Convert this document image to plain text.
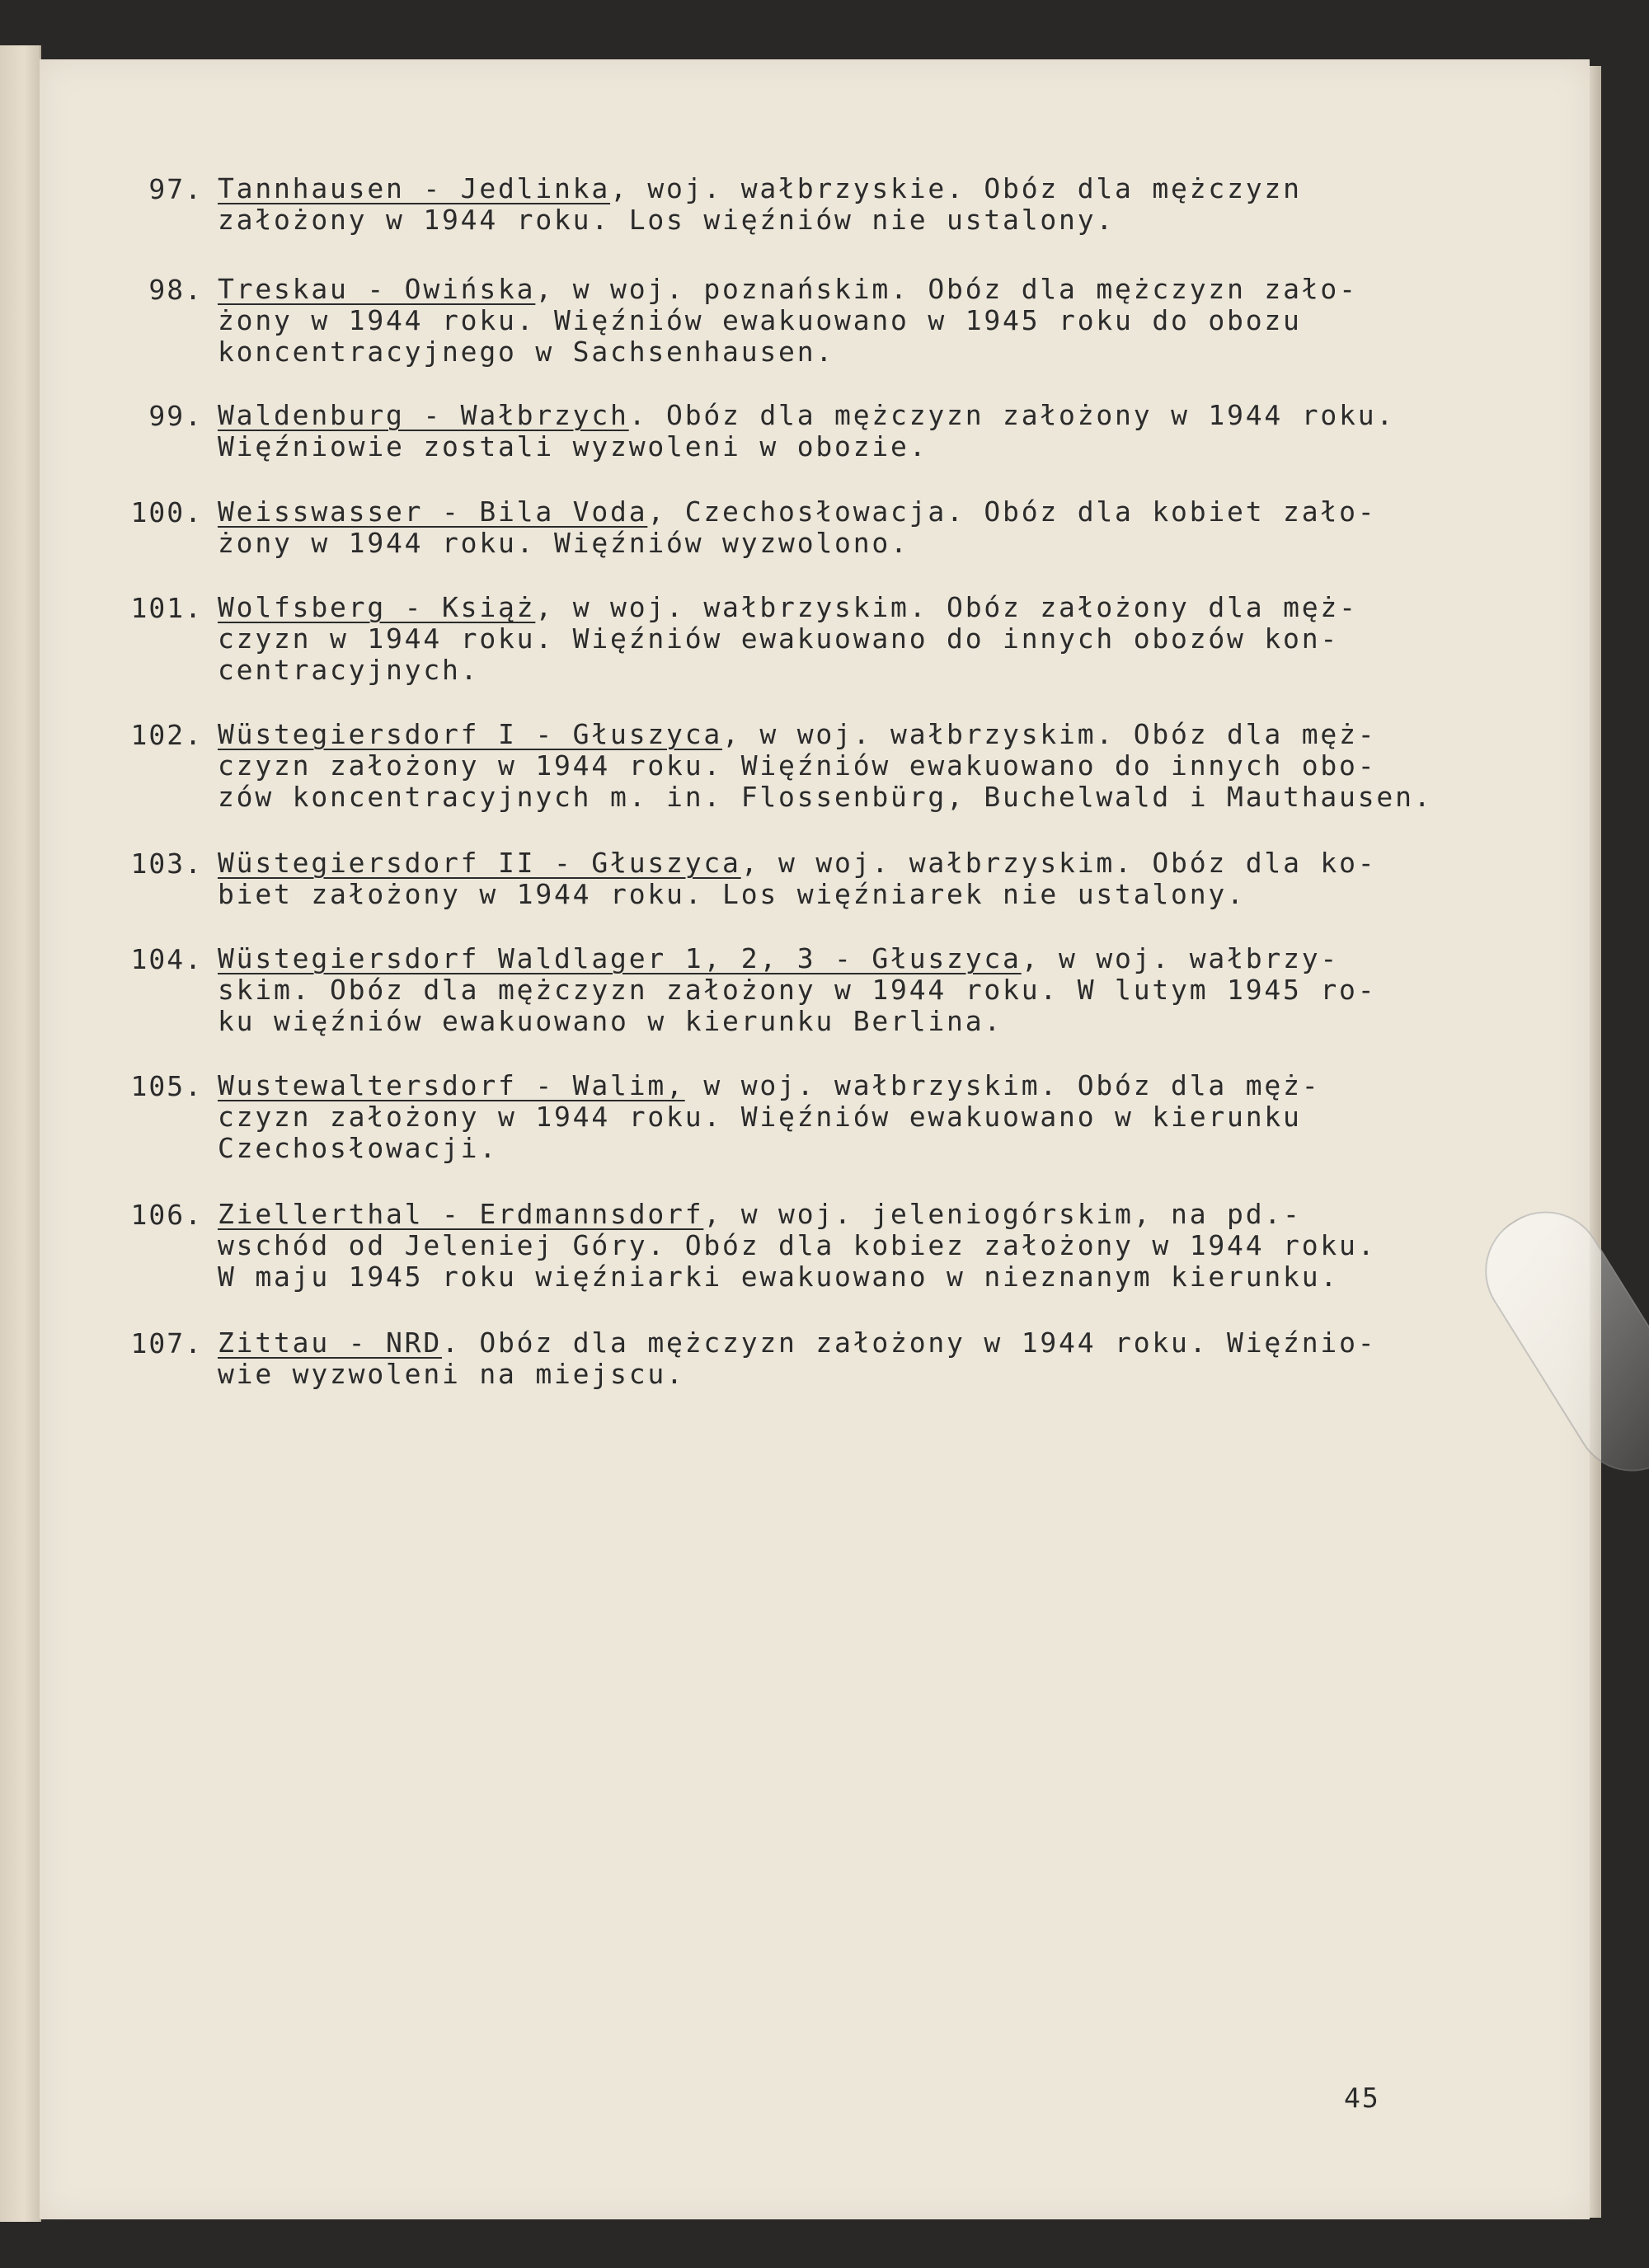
97. Tannhausen - Jedlinka, woj. wałbrzyskie. Obóz dla mężczyzn
założony w 1944 roku. Los więźniów nie ustalony.
98. Treskau - Owińska, w woj. poznańskim. Obóz dla mężczyzn zało-
żony w 1944 roku. Więźniów ewakuowano w 1945 roku do obozu
koncentracyjnego w Sachsenhausen.
99. Waldenburg - Wałbrzych. Obóz dla mężczyzn założony w 1944 roku.
Więźniowie zostali wyzwoleni w obozie.
100. Weisswasser - Bila Voda, Czechosłowacja. Obóz dla kobiet zało-
żony w 1944 roku. Więźniów wyzwolono.
101. Wolfsberg - Książ, w woj. wałbrzyskim. Obóz założony dla męż-
czyzn w 1944 roku. Więźniów ewakuowano do innych obozów kon-
centracyjnych.
102. Wüstegiersdorf I - Głuszyca, w woj. wałbrzyskim. Obóz dla męż-
czyzn założony w 1944 roku. Więźniów ewakuowano do innych obo-
zów koncentracyjnych m. in. Flossenbürg, Buchelwald i Mauthausen.
103. Wüstegiersdorf II - Głuszyca, w woj. wałbrzyskim. Obóz dla ko-
biet założony w 1944 roku. Los więźniarek nie ustalony.
104. Wüstegiersdorf Waldlager 1, 2, 3 - Głuszyca, w woj. wałbrzy-
skim. Obóz dla mężczyzn założony w 1944 roku. W lutym 1945 ro-
ku więźniów ewakuowano w kierunku Berlina.
105. Wustewaltersdorf - Walim, w woj. wałbrzyskim. Obóz dla męż-
czyzn założony w 1944 roku. Więźniów ewakuowano w kierunku
Czechosłowacji.
106. Ziellerthal - Erdmannsdorf, w woj. jeleniogórskim, na pd.-
wschód od Jeleniej Góry. Obóz dla kobiez założony w 1944 roku.
W maju 1945 roku więźniarki ewakuowano w nieznanym kierunku.
107. Zittau - NRD. Obóz dla mężczyzn założony w 1944 roku. Więźnio-
wie wyzwoleni na miejscu.
45
